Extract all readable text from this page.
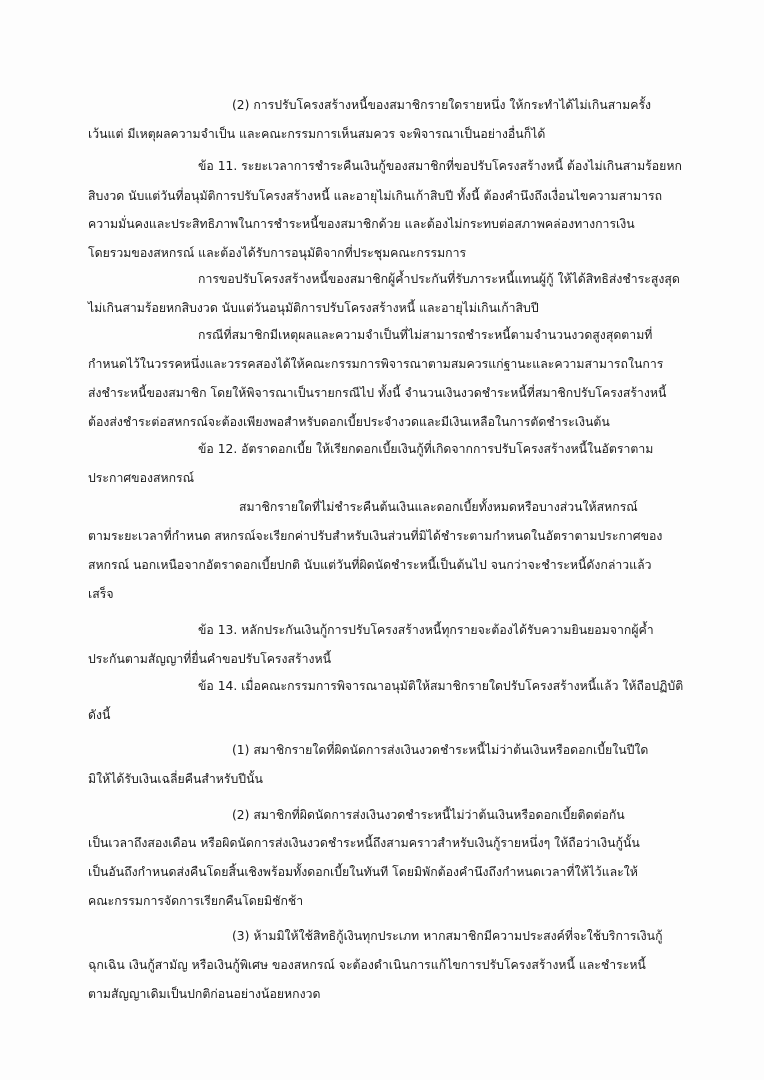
(2) การปรับโครงสร้างหนี้ของสมาชิกรายใดรายหนึ่ง ให้กระทำได้ไม่เกินสามครั้ง
เว้นแต่ มีเหตุผลความจำเป็น และคณะกรรมการเห็นสมควร จะพิจารณาเป็นอย่างอื่นก็ได้
ข้อ 11. ระยะเวลาการชำระคืนเงินกู้ของสมาชิกที่ขอปรับโครงสร้างหนี้ ต้องไม่เกินสามร้อยหก
สิบงวด นับแต่วันที่อนุมัติการปรับโครงสร้างหนี้ และอายุไม่เกินเก้าสิบปี ทั้งนี้ ต้องคำนึงถึงเงื่อนไขความสามารถ
ความมั่นคงและประสิทธิภาพในการชำระหนี้ของสมาชิกด้วย และต้องไม่กระทบต่อสภาพคล่องทางการเงิน
โดยรวมของสหกรณ์ และต้องได้รับการอนุมัติจากที่ประชุมคณะกรรมการ
การขอปรับโครงสร้างหนี้ของสมาชิกผู้ค้ำประกันที่รับภาระหนี้แทนผู้กู้ ให้ได้สิทธิส่งชำระสูงสุด
ไม่เกินสามร้อยหกสิบงวด นับแต่วันอนุมัติการปรับโครงสร้างหนี้ และอายุไม่เกินเก้าสิบปี
กรณีที่สมาชิกมีเหตุผลและความจำเป็นที่ไม่สามารถชำระหนี้ตามจำนวนงวดสูงสุดตามที่
กำหนดไว้ในวรรคหนึ่งและวรรคสองได้ให้คณะกรรมการพิจารณาตามสมควรแก่ฐานะและความสามารถในการ
ส่งชำระหนี้ของสมาชิก โดยให้พิจารณาเป็นรายกรณีไป ทั้งนี้ จำนวนเงินงวดชำระหนี้ที่สมาชิกปรับโครงสร้างหนี้
ต้องส่งชำระต่อสหกรณ์จะต้องเพียงพอสำหรับดอกเบี้ยประจำงวดและมีเงินเหลือในการตัดชำระเงินต้น
ข้อ 12. อัตราดอกเบี้ย ให้เรียกดอกเบี้ยเงินกู้ที่เกิดจากการปรับโครงสร้างหนี้ในอัตราตาม
ประกาศของสหกรณ์
สมาชิกรายใดที่ไม่ชำระคืนต้นเงินและดอกเบี้ยทั้งหมดหรือบางส่วนให้สหกรณ์
ตามระยะเวลาที่กำหนด สหกรณ์จะเรียกค่าปรับสำหรับเงินส่วนที่มิได้ชำระตามกำหนดในอัตราตามประกาศของ
สหกรณ์ นอกเหนือจากอัตราดอกเบี้ยปกติ นับแต่วันที่ผิดนัดชำระหนี้เป็นต้นไป จนกว่าจะชำระหนี้ดังกล่าวแล้ว
เสร็จ
ข้อ 13. หลักประกันเงินกู้การปรับโครงสร้างหนี้ทุกรายจะต้องได้รับความยินยอมจากผู้ค้ำ
ประกันตามสัญญาที่ยื่นคำขอปรับโครงสร้างหนี้
ข้อ 14. เมื่อคณะกรรมการพิจารณาอนุมัติให้สมาชิกรายใดปรับโครงสร้างหนี้แล้ว ให้ถือปฏิบัติ
ดังนี้
(1) สมาชิกรายใดที่ผิดนัดการส่งเงินงวดชำระหนี้ไม่ว่าต้นเงินหรือดอกเบี้ยในปีใด
มิให้ได้รับเงินเฉลี่ยคืนสำหรับปีนั้น
(2) สมาชิกที่ผิดนัดการส่งเงินงวดชำระหนี้ไม่ว่าต้นเงินหรือดอกเบี้ยติดต่อกัน
เป็นเวลาถึงสองเดือน หรือผิดนัดการส่งเงินงวดชำระหนี้ถึงสามคราวสำหรับเงินกู้รายหนึ่งๆ ให้ถือว่าเงินกู้นั้น
เป็นอันถึงกำหนดส่งคืนโดยสิ้นเชิงพร้อมทั้งดอกเบี้ยในทันที โดยมิพักต้องคำนึงถึงกำหนดเวลาที่ให้ไว้และให้
คณะกรรมการจัดการเรียกคืนโดยมิชักช้า
(3) ห้ามมิให้ใช้สิทธิกู้เงินทุกประเภท หากสมาชิกมีความประสงค์ที่จะใช้บริการเงินกู้
ฉุกเฉิน เงินกู้สามัญ หรือเงินกู้พิเศษ ของสหกรณ์ จะต้องดำเนินการแก้ไขการปรับโครงสร้างหนี้ และชำระหนี้
ตามสัญญาเดิมเป็นปกติก่อนอย่างน้อยหกงวด
